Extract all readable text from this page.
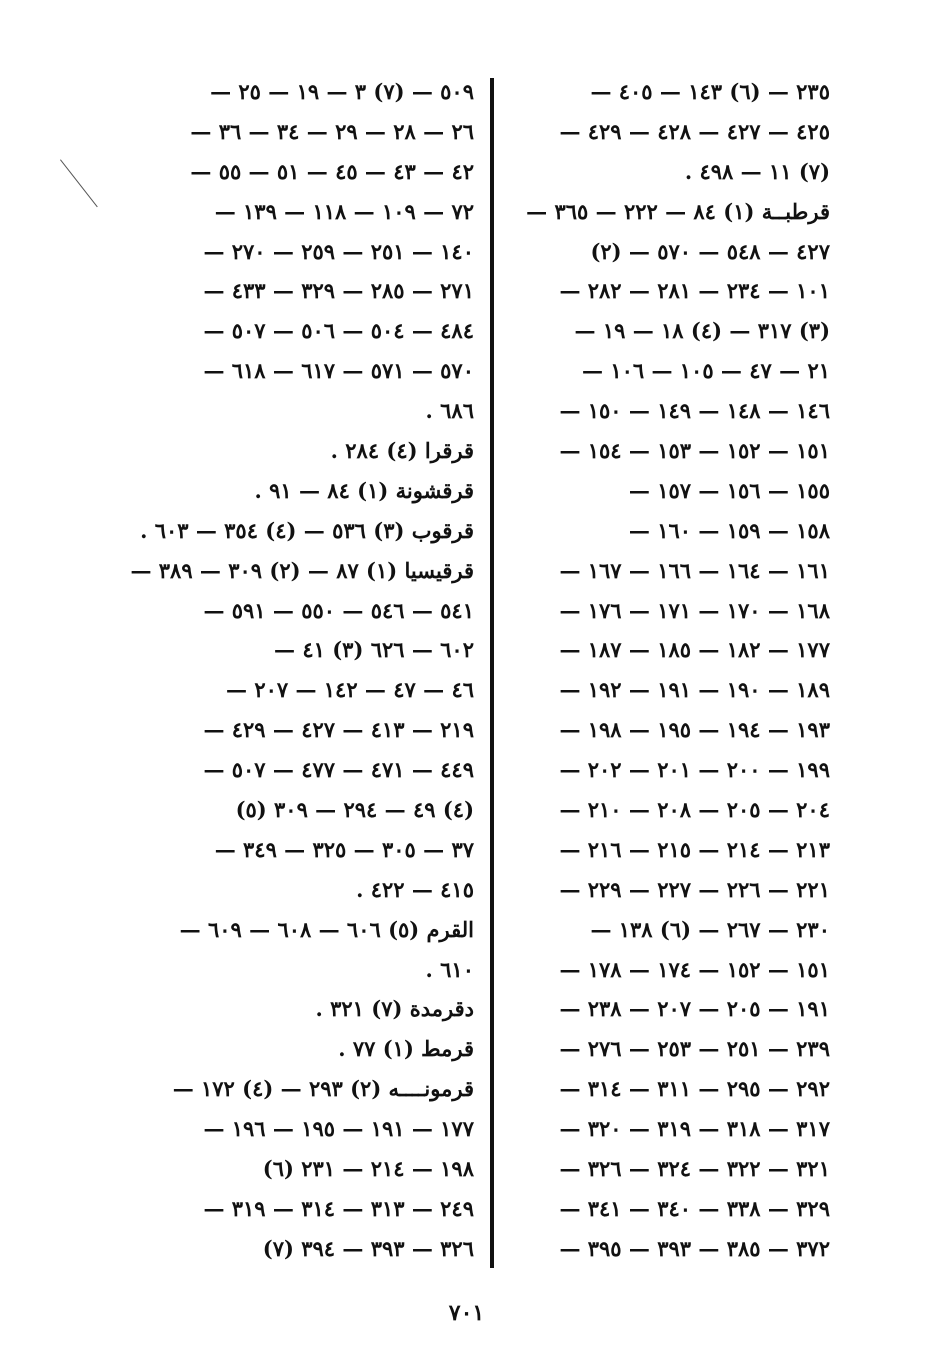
٢٣٥ — (٦) ١٤٣ — ٤٠٥ —
٤٢٥ — ٤٢٧ — ٤٢٨ — ٤٢٩ —
(٧) ١١ — ٤٩٨ .
قرطبــة (١) ٨٤ — ٢٢٢ — ٣٦٥ —
٤٢٧ — ٥٤٨ — ٥٧٠ — (٢)
١٠١ — ٢٣٤ — ٢٨١ — ٢٨٢ —
(٣) ٣١٧ — (٤) ١٨ — ١٩ —
٢١ — ٤٧ — ١٠٥ — ١٠٦ —
١٤٦ — ١٤٨ — ١٤٩ — ١٥٠ —
١٥١ — ١٥٢ — ١٥٣ — ١٥٤ —
١٥٥ — ١٥٦ — ١٥٧ —
١٥٨ — ١٥٩ — ١٦٠ —
١٦١ — ١٦٤ — ١٦٦ — ١٦٧ —
١٦٨ — ١٧٠ — ١٧١ — ١٧٦ —
١٧٧ — ١٨٢ — ١٨٥ — ١٨٧ —
١٨٩ — ١٩٠ — ١٩١ — ١٩٢ —
١٩٣ — ١٩٤ — ١٩٥ — ١٩٨ —
١٩٩ — ٢٠٠ — ٢٠١ — ٢٠٢ —
٢٠٤ — ٢٠٥ — ٢٠٨ — ٢١٠ —
٢١٣ — ٢١٤ — ٢١٥ — ٢١٦ —
٢٢١ — ٢٢٦ — ٢٢٧ — ٢٢٩ —
٢٣٠ — ٢٦٧ — (٦) ١٣٨ —
١٥١ — ١٥٢ — ١٧٤ — ١٧٨ —
١٩١ — ٢٠٥ — ٢٠٧ — ٢٣٨ —
٢٣٩ — ٢٥١ — ٢٥٣ — ٢٧٦ —
٢٩٢ — ٢٩٥ — ٣١١ — ٣١٤ —
٣١٧ — ٣١٨ — ٣١٩ — ٣٢٠ —
٣٢١ — ٣٢٢ — ٣٢٤ — ٣٢٦ —
٣٢٩ — ٣٣٨ — ٣٤٠ — ٣٤١ —
٣٧٢ — ٣٨٥ — ٣٩٣ — ٣٩٥ —
٥٠٩ — (٧) ٣ — ١٩ — ٢٥ —
٢٦ — ٢٨ — ٢٩ — ٣٤ — ٣٦ —
٤٢ — ٤٣ — ٤٥ — ٥١ — ٥٥ —
٧٢ — ١٠٩ — ١١٨ — ١٣٩ —
١٤٠ — ٢٥١ — ٢٥٩ — ٢٧٠ —
٢٧١ — ٢٨٥ — ٣٢٩ — ٤٣٣ —
٤٨٤ — ٥٠٤ — ٥٠٦ — ٥٠٧ —
٥٧٠ — ٥٧١ — ٦١٧ — ٦١٨ —
٦٨٦ .
قرقرا (٤) ٢٨٤ .
قرقشونة (١) ٨٤ — ٩١ .
قرقوب (٣) ٥٣٦ — (٤) ٣٥٤ — ٦٠٣ .
قرقيسيا (١) ٨٧ — (٢) ٣٠٩ — ٣٨٩ —
٥٤١ — ٥٤٦ — ٥٥٠ — ٥٩١ —
٦٠٢ — ٦٢٦ (٣) ٤١ —
٤٦ — ٤٧ — ١٤٢ — ٢٠٧ —
٢١٩ — ٤١٣ — ٤٢٧ — ٤٢٩ —
٤٤٩ — ٤٧١ — ٤٧٧ — ٥٠٧ —
(٤) ٤٩ — ٢٩٤ — ٣٠٩ (٥)
٣٧ — ٣٠٥ — ٣٢٥ — ٣٤٩ —
٤١٥ — ٤٢٢ .
القرم (٥) ٦٠٦ — ٦٠٨ — ٦٠٩ —
٦١٠ .
دقرمدة (٧) ٣٢١ .
قرمط (١) ٧٧ .
قرمونــــه (٢) ٢٩٣ — (٤) ١٧٢ —
١٧٧ — ١٩١ — ١٩٥ — ١٩٦ —
١٩٨ — ٢١٤ — ٢٣١ (٦)
٢٤٩ — ٣١٣ — ٣١٤ — ٣١٩ —
٣٢٦ — ٣٩٣ — ٣٩٤ (٧)
٧٠١
